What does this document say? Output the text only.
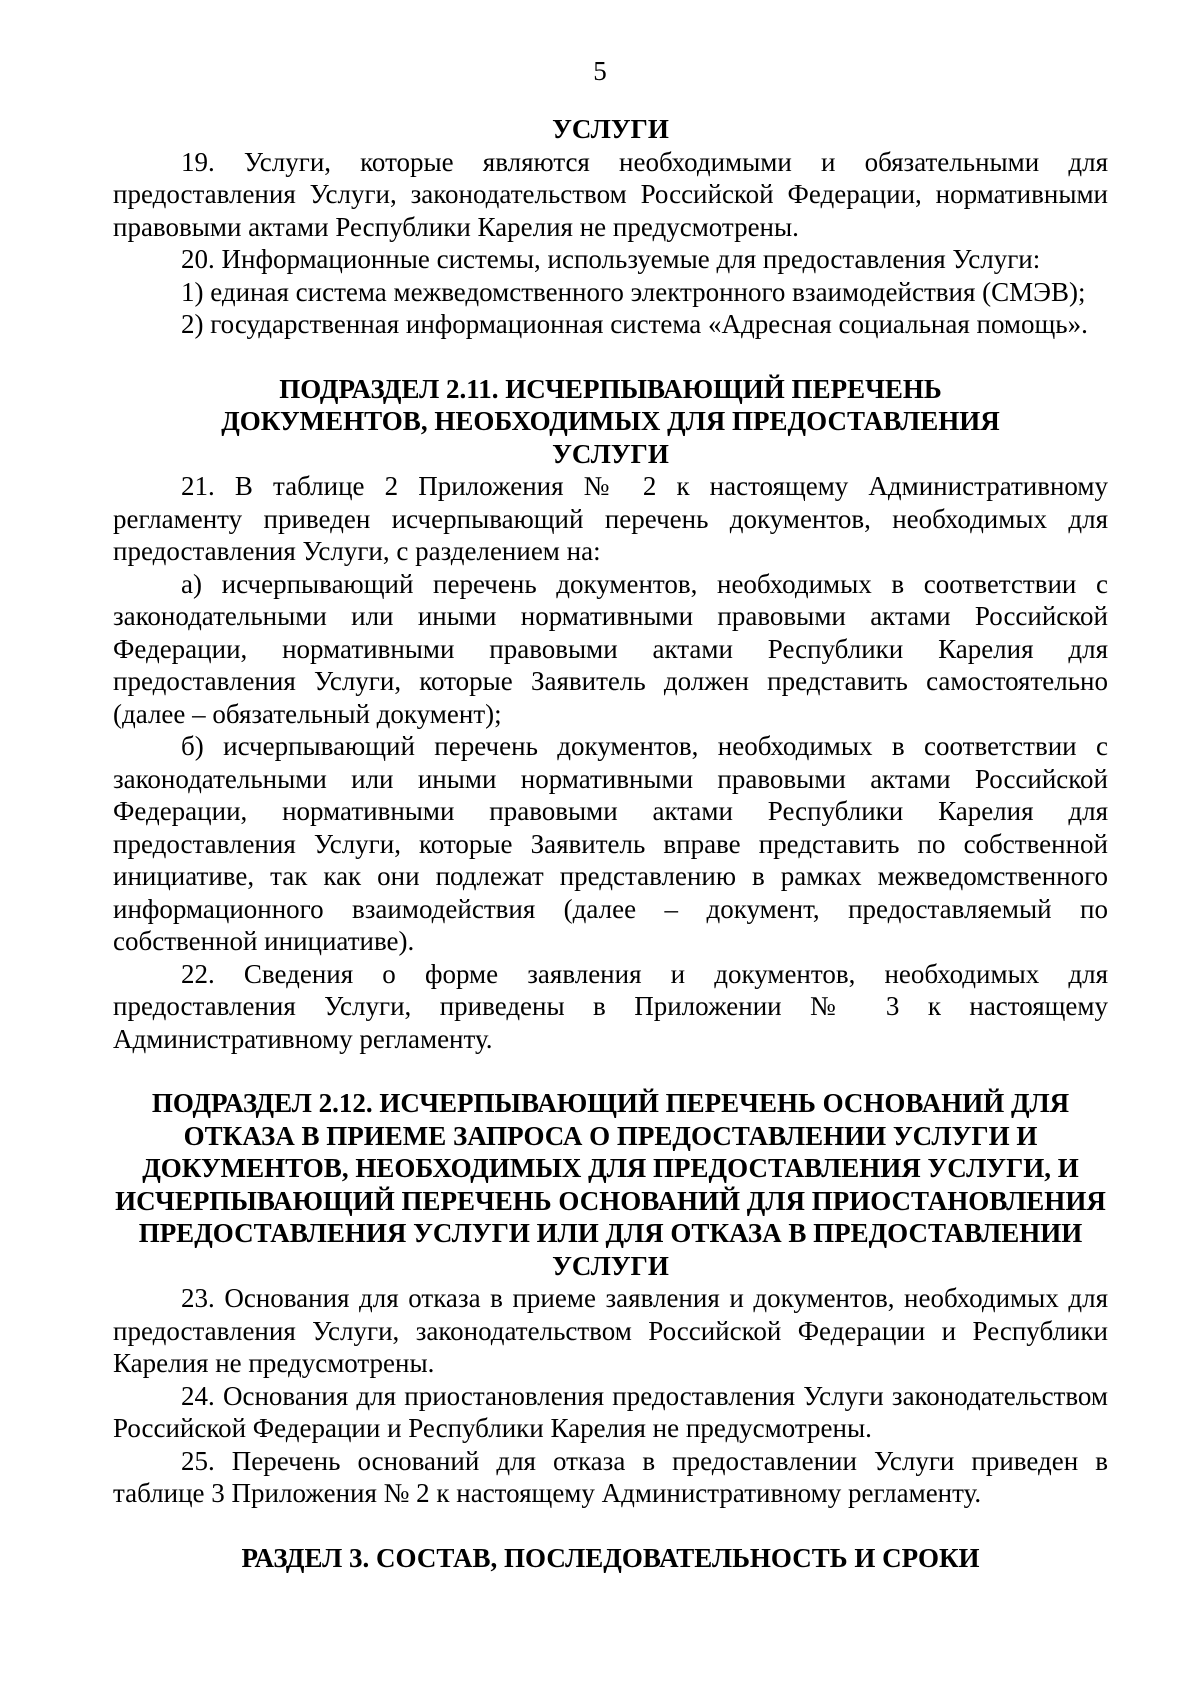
5
УСЛУГИ
19. Услуги, которые являются необходимыми и обязательными для предоставления Услуги, законодательством Российской Федерации, нормативными правовыми актами Республики Карелия не предусмотрены.
20. Информационные системы, используемые для предоставления Услуги:
1) единая система межведомственного электронного взаимодействия (СМЭВ);
2) государственная информационная система «Адресная социальная помощь».
ПОДРАЗДЕЛ 2.11. ИСЧЕРПЫВАЮЩИЙ ПЕРЕЧЕНЬ ДОКУМЕНТОВ, НЕОБХОДИМЫХ ДЛЯ ПРЕДОСТАВЛЕНИЯ УСЛУГИ
21. В таблице 2 Приложения № 2 к настоящему Административному регламенту приведен исчерпывающий перечень документов, необходимых для предоставления Услуги, с разделением на:
а) исчерпывающий перечень документов, необходимых в соответствии с законодательными или иными нормативными правовыми актами Российской Федерации, нормативными правовыми актами Республики Карелия для предоставления Услуги, которые Заявитель должен представить самостоятельно (далее – обязательный документ);
б) исчерпывающий перечень документов, необходимых в соответствии с законодательными или иными нормативными правовыми актами Российской Федерации, нормативными правовыми актами Республики Карелия для предоставления Услуги, которые Заявитель вправе представить по собственной инициативе, так как они подлежат представлению в рамках межведомственного информационного взаимодействия (далее – документ, предоставляемый по собственной инициативе).
22. Сведения о форме заявления и документов, необходимых для предоставления Услуги, приведены в Приложении № 3 к настоящему Административному регламенту.
ПОДРАЗДЕЛ 2.12. ИСЧЕРПЫВАЮЩИЙ ПЕРЕЧЕНЬ ОСНОВАНИЙ ДЛЯ ОТКАЗА В ПРИЕМЕ ЗАПРОСА О ПРЕДОСТАВЛЕНИИ УСЛУГИ И ДОКУМЕНТОВ, НЕОБХОДИМЫХ ДЛЯ ПРЕДОСТАВЛЕНИЯ УСЛУГИ, И ИСЧЕРПЫВАЮЩИЙ ПЕРЕЧЕНЬ ОСНОВАНИЙ ДЛЯ ПРИОСТАНОВЛЕНИЯ ПРЕДОСТАВЛЕНИЯ УСЛУГИ ИЛИ ДЛЯ ОТКАЗА В ПРЕДОСТАВЛЕНИИ УСЛУГИ
23. Основания для отказа в приеме заявления и документов, необходимых для предоставления Услуги, законодательством Российской Федерации и Республики Карелия не предусмотрены.
24. Основания для приостановления предоставления Услуги законодательством Российской Федерации и Республики Карелия не предусмотрены.
25. Перечень оснований для отказа в предоставлении Услуги приведен в таблице 3 Приложения № 2 к настоящему Административному регламенту.
РАЗДЕЛ 3. СОСТАВ, ПОСЛЕДОВАТЕЛЬНОСТЬ И СРОКИ
